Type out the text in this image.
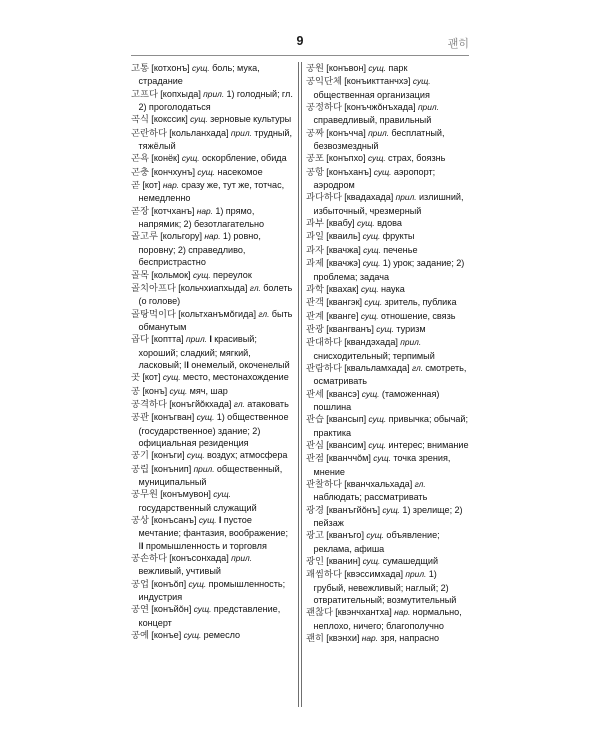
9	괜히

고통 [котхонъ] сущ. боль; мука, страдание

고프다 [копхыда] прил. 1) голодный; гл. 2) проголодаться

곡식 [кокссик] сущ. зерновые культуры

곤란하다 [кольланхада] прил. трудный, тяжёлый

곤욕 [конёк] сущ. оскорбление, обида

곤충 [кончхунъ] сущ. насекомое

곧 [кот] нар. сразу же, тут же, тотчас, немедленно

곧장 [котчханъ] нар. 1) прямо, напрямик; 2) безотлагательно

골고루 [кольгору] нар. 1) ровно, поровну; 2) справедливо, беспристрастно

골목 [кольмок] сущ. переулок

골치아프다 [кольчхиапхыда] гл. болеть (о голове)

골탕먹이다 [кольтханъмŏгида] гл. быть обманутым

곱다 [коптта] прил. I красивый; хороший; сладкий; мягкий, ласковый; II онемелый, окоченелый

곳 [кот] сущ. место, местонахождение

공 [конъ] сущ. мяч, шар

공격하다 [конъгйŏкхада] гл. атаковать

공관 [конъгван] сущ. 1) общественное (государственное) здание; 2) официальная резиденция

공기 [конъги] сущ. воздух; атмосфера

공립 [конънип] прил. общественный, муниципальный

공무원 [конъмувон] сущ. государственный служащий

공상 [конъсанъ] сущ. I пустое мечтание; фантазия, воображение; II промышленность и торговля

공손하다 [конъсонхада] прил. вежливый, учтивый

공업 [конъŏп] сущ. промышленность; индустрия

공연 [конъйŏн] сущ. представление, концерт

공예 [конъе] сущ. ремесло

공원 [конъвон] сущ. парк

공익단체 [конъикттанчхэ] сущ. общественная организация

공정하다 [конъчжŏнъхада] прил. справедливый, правильный

공짜 [конъчча] прил. бесплатный, безвозмездный

공포 [конъпхо] сущ. страх, боязнь

공항 [конъханъ] сущ. аэропорт; аэродром

과다하다 [квадахада] прил. излишний, избыточный, чрезмерный

과부 [квабу] сущ. вдова

과일 [кваиль] сущ. фрукты

과자 [квачжа] сущ. печенье

과제 [квачжэ] сущ. 1) урок; задание; 2) проблема; задача

과학 [квахак] сущ. наука

관객 [квангэк] сущ. зритель, публика

관계 [квангe] сущ. отношение, связь

관광 [квангванъ] сущ. туризм

관대하다 [квандэхада] прил. снисходительный; терпимый

관람하다 [квальламхада] гл. смотреть, осматривать

관세 [квансэ] сущ. (таможенная) пошлина

관습 [квансып] сущ. привычка; обычай; практика

관심 [квансим] сущ. интерес; внимание

관점 [кванччŏм] сущ. точка зрения, мнение

관찰하다 [кванчхальхада] гл. наблюдать; рассматривать

광경 [кванъгйŏнъ] сущ. 1) зрелище; 2) пейзаж

광고 [кванъго] сущ. объявление; реклама, афиша

광인 [кванин] сущ. сумашедщий

괘씸하다 [квэссимхада] прил. 1) грубый, невежливый; наглый; 2) отвратительный; возмутительный

괜찮다 [квэнчхантха] нар. нормально, неплохо, ничего; благополучно

괜히 [квэнхи] нар. зря, напрасно
